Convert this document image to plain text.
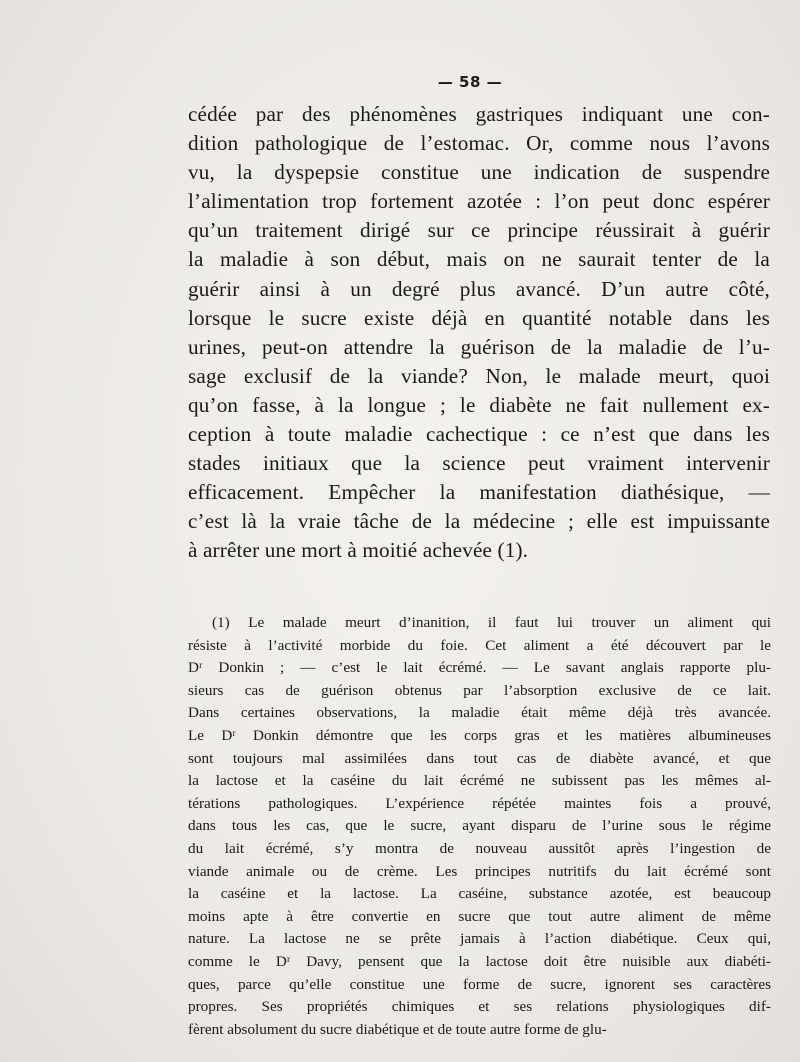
— 58 —
cédée par des phénomènes gastriques indiquant une con-
dition pathologique de l’estomac. Or, comme nous l’avons
vu, la dyspepsie constitue une indication de suspendre
l’alimentation trop fortement azotée : l’on peut donc espérer
qu’un traitement dirigé sur ce principe réussirait à guérir
la maladie à son début, mais on ne saurait tenter de la
guérir ainsi à un degré plus avancé. D’un autre côté,
lorsque le sucre existe déjà en quantité notable dans les
urines, peut-on attendre la guérison de la maladie de l’u-
sage exclusif de la viande? Non, le malade meurt, quoi
qu’on fasse, à la longue ; le diabète ne fait nullement ex-
ception à toute maladie cachectique : ce n’est que dans les
stades initiaux que la science peut vraiment intervenir
efficacement. Empêcher la manifestation diathésique, —
c’est là la vraie tâche de la médecine ; elle est impuissante
à arrêter une mort à moitié achevée (1).
(1) Le malade meurt d’inanition, il faut lui trouver un aliment qui
résiste à l’activité morbide du foie. Cet aliment a été découvert par le
Dʳ Donkin ; — c’est le lait écrémé. — Le savant anglais rapporte plu-
sieurs cas de guérison obtenus par l’absorption exclusive de ce lait.
Dans certaines observations, la maladie était même déjà très avancée.
Le Dʳ Donkin démontre que les corps gras et les matières albumineuses
sont toujours mal assimilées dans tout cas de diabète avancé, et que
la lactose et la caséine du lait écrémé ne subissent pas les mêmes al-
térations pathologiques. L’expérience répétée maintes fois a prouvé,
dans tous les cas, que le sucre, ayant disparu de l’urine sous le régime
du lait écrémé, s’y montra de nouveau aussitôt après l’ingestion de
viande animale ou de crème. Les principes nutritifs du lait écrémé sont
la caséine et la lactose. La caséine, substance azotée, est beaucoup
moins apte à être convertie en sucre que tout autre aliment de même
nature. La lactose ne se prête jamais à l’action diabétique. Ceux qui,
comme le Dʳ Davy, pensent que la lactose doit être nuisible aux diabéti-
ques, parce qu’elle constitue une forme de sucre, ignorent ses caractères
propres. Ses propriétés chimiques et ses relations physiologiques dif-
fèrent absolument du sucre diabétique et de toute autre forme de glu-
